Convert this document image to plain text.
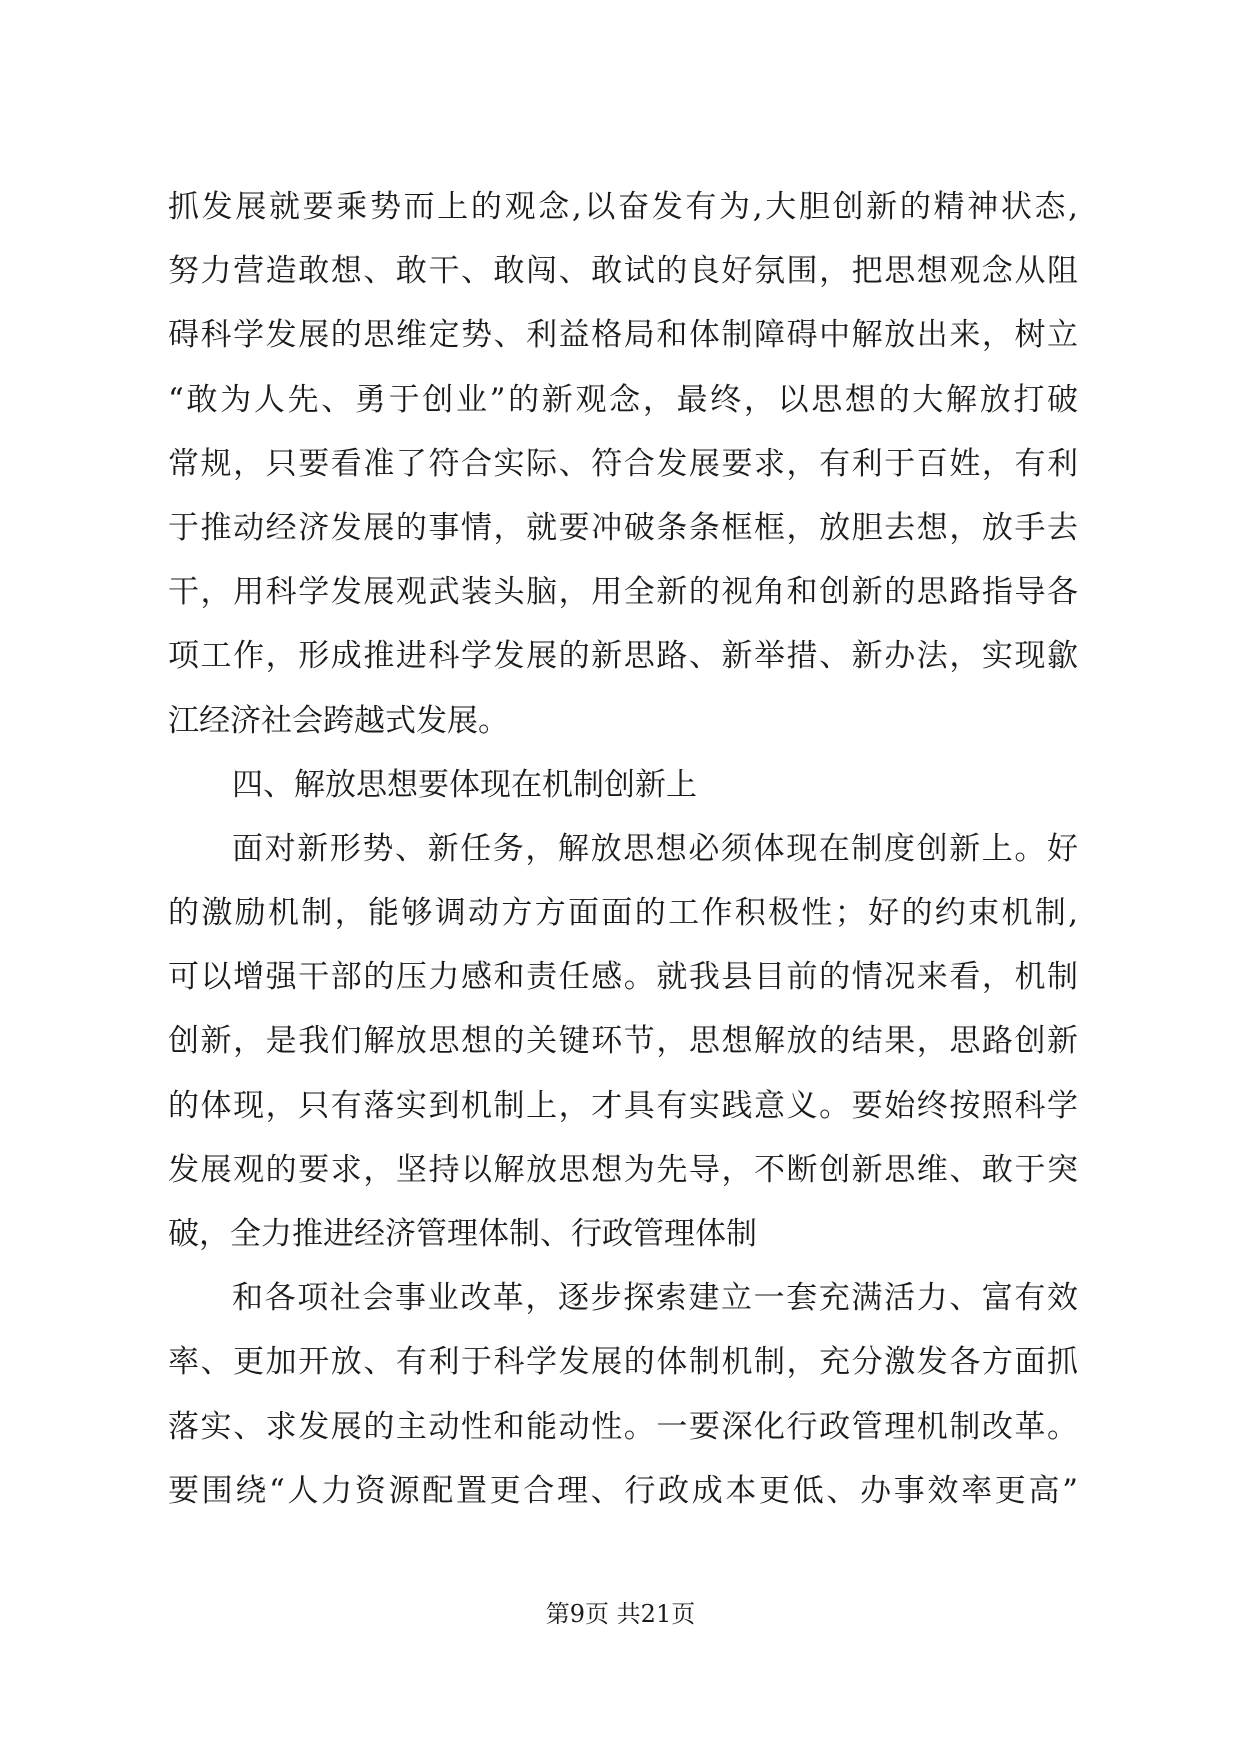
抓发展就要乘势而上的观念,以奋发有为,大胆创新的精神状态,
努力营造敢想、敢干、敢闯、敢试的良好氛围，把思想观念从阻
碍科学发展的思维定势、利益格局和体制障碍中解放出来，树立
“敢为人先、勇于创业”的新观念，最终，以思想的大解放打破
常规，只要看准了符合实际、符合发展要求，有利于百姓，有利
于推动经济发展的事情，就要冲破条条框框，放胆去想，放手去
干，用科学发展观武装头脑，用全新的视角和创新的思路指导各
项工作，形成推进科学发展的新思路、新举措、新办法，实现歙
江经济社会跨越式发展。
四、解放思想要体现在机制创新上
面对新形势、新任务，解放思想必须体现在制度创新上。好
的激励机制，能够调动方方面面的工作积极性；好的约束机制,
可以增强干部的压力感和责任感。就我县目前的情况来看，机制
创新，是我们解放思想的关键环节，思想解放的结果，思路创新
的体现，只有落实到机制上，才具有实践意义。要始终按照科学
发展观的要求，坚持以解放思想为先导，不断创新思维、敢于突
破，全力推进经济管理体制、行政管理体制
和各项社会事业改革，逐步探索建立一套充满活力、富有效
率、更加开放、有利于科学发展的体制机制，充分激发各方面抓
落实、求发展的主动性和能动性。一要深化行政管理机制改革。
要围绕“人力资源配置更合理、行政成本更低、办事效率更高”
第9页 共21页
